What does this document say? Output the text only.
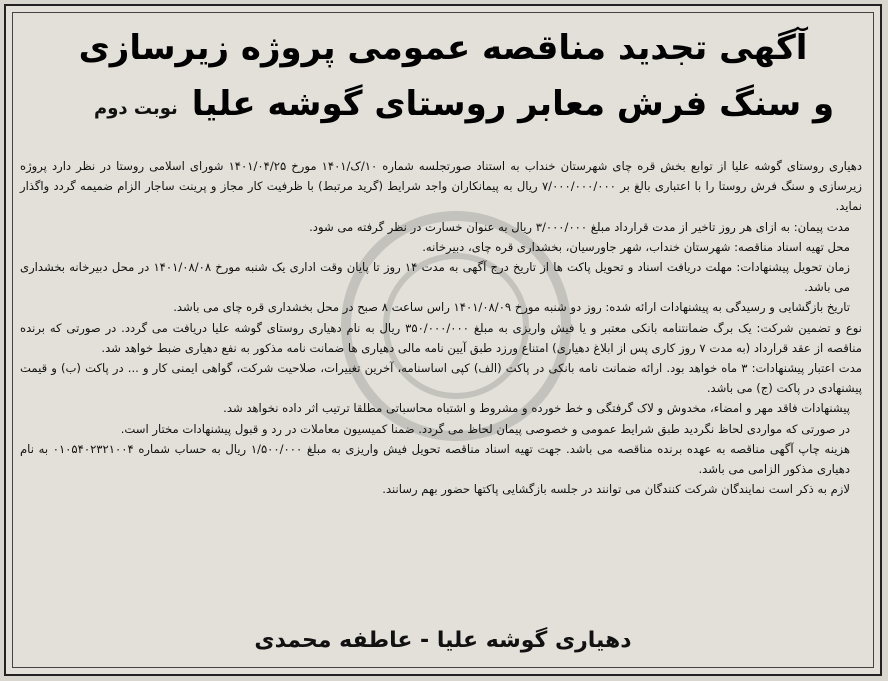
آگهی تجدید مناقصه عمومی پروژه زیرسازی
و سنگ فرش معابر روستای گوشه علیا
نوبت دوم

دهیاری روستای گوشه علیا از توابع بخش قره چای شهرستان خنداب به استناد صورتجلسه شماره ۱۰/ک/۱۴۰۱ مورخ ۱۴۰۱/۰۴/۲۵ شورای اسلامی روستا در نظر دارد پروژه زیرسازی و سنگ فرش روستا را با اعتباری بالغ بر ۷/۰۰۰/۰۰۰/۰۰۰ ریال به پیمانکاران واجد شرایط (گرید مرتبط) با ظرفیت کار مجاز و پرینت ساجار الزام ضمیمه گردد واگذار نماید.

مدت پیمان: به ازای هر روز تاخیر از مدت قرارداد مبلغ ۳/۰۰۰/۰۰۰ ریال به عنوان خسارت در نظر گرفته می شود.

محل تهیه اسناد مناقصه: شهرستان خنداب، شهر جاورسیان، بخشداری قره چای، دبیرخانه.

زمان تحویل پیشنهادات: مهلت دریافت اسناد و تحویل پاکت ها از تاریخ درج آگهی به مدت ۱۴ روز تا پایان وقت اداری یک شنبه مورخ ۱۴۰۱/۰۸/۰۸ در محل دبیرخانه بخشداری می باشد.

تاریخ بازگشایی و رسیدگی به پیشنهادات ارائه شده: روز دو شنبه مورخ ۱۴۰۱/۰۸/۰۹ راس ساعت ۸ صبح در محل بخشداری قره چای می باشد.

نوع و تضمین شرکت: یک برگ ضمانتنامه بانکی معتبر و یا فیش واریزی به مبلغ ۳۵۰/۰۰۰/۰۰۰ ریال به نام دهیاری روستای گوشه علیا دریافت می گردد. در صورتی که برنده مناقصه از عقد قرارداد (به مدت ۷ روز کاری پس از ابلاغ دهیاری) امتناع ورزد طبق آیین نامه مالی دهیاری ها ضمانت نامه مذکور به نفع دهیاری ضبط خواهد شد.

مدت اعتبار پیشنهادات: ۳ ماه خواهد بود. ارائه ضمانت نامه بانکی در پاکت (الف) کپی اساسنامه، آخرین تغییرات، صلاحیت شرکت، گواهی ایمنی کار و ... در پاکت (ب) و قیمت پیشنهادی در پاکت (ج) می باشد.

پیشنهادات فاقد مهر و امضاء، مخدوش و لاک گرفتگی و خط خورده و مشروط و اشتباه محاسباتی مطلقا ترتیب اثر داده نخواهد شد.

در صورتی که مواردی لحاظ نگردید طبق شرایط عمومی و خصوصی پیمان لحاظ می گردد. ضمنا کمیسیون معاملات در رد و قبول پیشنهادات مختار است.

هزینه چاپ آگهی مناقصه به عهده برنده مناقصه می باشد. جهت تهیه اسناد مناقصه تحویل فیش واریزی به مبلغ ۱/۵۰۰/۰۰۰ ریال به حساب شماره ۰۱۰۵۴۰۲۳۲۱۰۰۴ به نام دهیاری مذکور الزامی می باشد.

لازم به ذکر است نمایندگان شرکت کنندگان می توانند در جلسه بازگشایی پاکتها حضور بهم رسانند.

دهیاری گوشه علیا - عاطفه محمدی
